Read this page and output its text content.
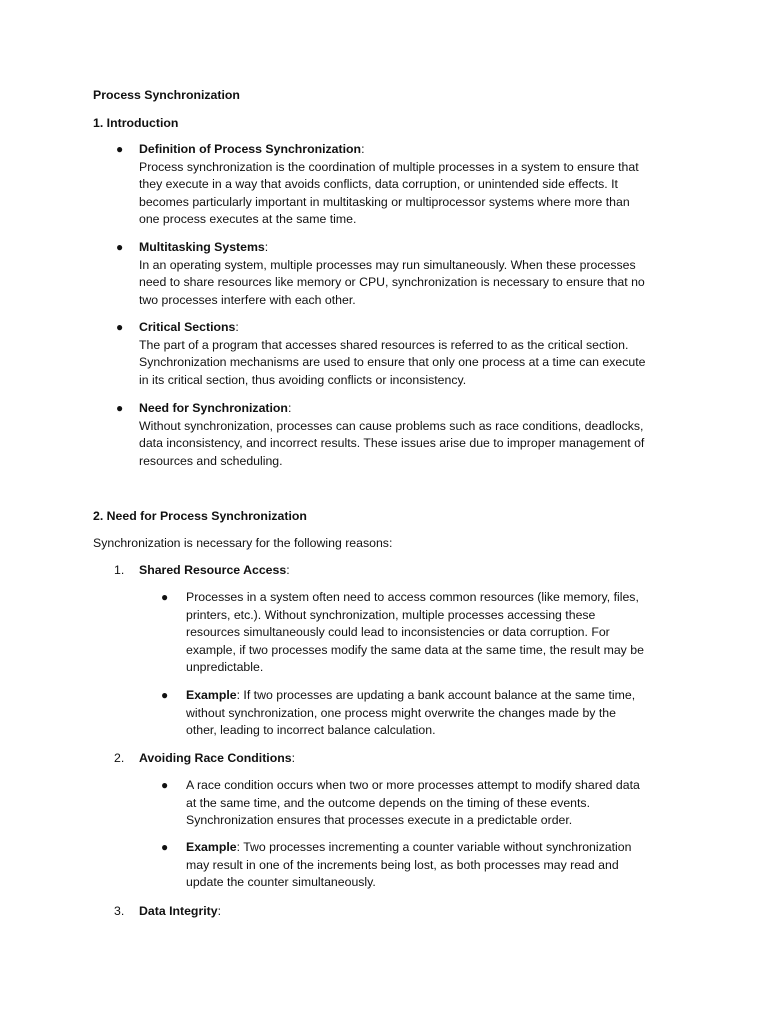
Process Synchronization
1. Introduction
●	Definition of Process Synchronization:
Process synchronization is the coordination of multiple processes in a system to ensure that
they execute in a way that avoids conflicts, data corruption, or unintended side effects. It
becomes particularly important in multitasking or multiprocessor systems where more than
one process executes at the same time.
●	Multitasking Systems:
In an operating system, multiple processes may run simultaneously. When these processes
need to share resources like memory or CPU, synchronization is necessary to ensure that no
two processes interfere with each other.
●	Critical Sections:
The part of a program that accesses shared resources is referred to as the critical section.
Synchronization mechanisms are used to ensure that only one process at a time can execute
in its critical section, thus avoiding conflicts or inconsistency.
●	Need for Synchronization:
Without synchronization, processes can cause problems such as race conditions, deadlocks,
data inconsistency, and incorrect results. These issues arise due to improper management of
resources and scheduling.
2. Need for Process Synchronization
Synchronization is necessary for the following reasons:
1. Shared Resource Access:
● Processes in a system often need to access common resources (like memory, files,
printers, etc.). Without synchronization, multiple processes accessing these
resources simultaneously could lead to inconsistencies or data corruption. For
example, if two processes modify the same data at the same time, the result may be
unpredictable.
● Example: If two processes are updating a bank account balance at the same time,
without synchronization, one process might overwrite the changes made by the
other, leading to incorrect balance calculation.
2. Avoiding Race Conditions:
● A race condition occurs when two or more processes attempt to modify shared data
at the same time, and the outcome depends on the timing of these events.
Synchronization ensures that processes execute in a predictable order.
● Example: Two processes incrementing a counter variable without synchronization
may result in one of the increments being lost, as both processes may read and
update the counter simultaneously.
3. Data Integrity:
